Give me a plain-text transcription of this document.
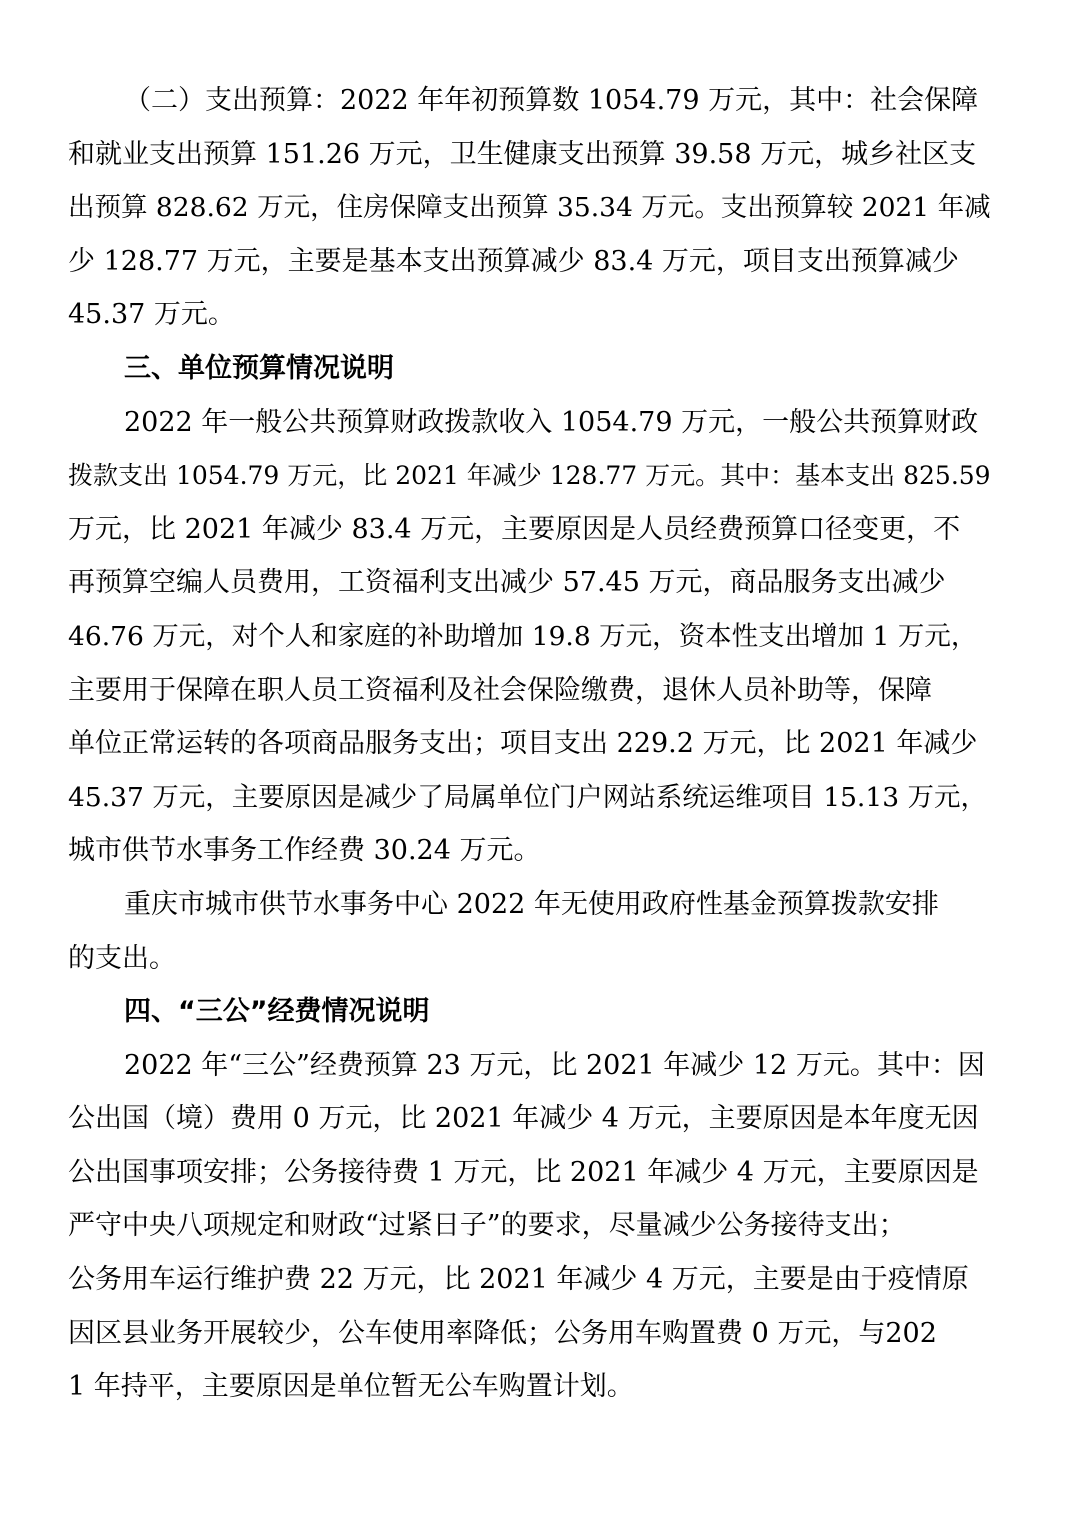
（二）支出预算：2022 年年初预算数 1054.79 万元，其中：社会保障
和就业支出预算 151.26 万元，卫生健康支出预算 39.58 万元，城乡社区支
出预算 828.62 万元，住房保障支出预算 35.34 万元。支出预算较 2021 年减
少 128.77 万元，主要是基本支出预算减少 83.4 万元，项目支出预算减少
45.37 万元。
三、单位预算情况说明
2022 年一般公共预算财政拨款收入 1054.79 万元，一般公共预算财政
拨款支出 1054.79 万元，比 2021 年减少 128.77 万元。其中：基本支出 825.59
万元，比 2021 年减少 83.4 万元，主要原因是人员经费预算口径变更，不
再预算空编人员费用，工资福利支出减少 57.45 万元，商品服务支出减少
46.76 万元，对个人和家庭的补助增加 19.8 万元，资本性支出增加 1 万元，
主要用于保障在职人员工资福利及社会保险缴费，退休人员补助等，保障
单位正常运转的各项商品服务支出；项目支出 229.2 万元，比 2021 年减少
45.37 万元，主要原因是减少了局属单位门户网站系统运维项目 15.13 万元，
城市供节水事务工作经费 30.24 万元。
重庆市城市供节水事务中心 2022 年无使用政府性基金预算拨款安排
的支出。
四、“三公”经费情况说明
2022 年“三公”经费预算 23 万元，比 2021 年减少 12 万元。其中：因
公出国（境）费用 0 万元，比 2021 年减少 4 万元，主要原因是本年度无因
公出国事项安排；公务接待费 1 万元，比 2021 年减少 4 万元，主要原因是
严守中央八项规定和财政“过紧日子”的要求，尽量减少公务接待支出；
公务用车运行维护费 22 万元，比 2021 年减少 4 万元，主要是由于疫情原
因区县业务开展较少，公车使用率降低；公务用车购置费 0 万元，与202
1 年持平，主要原因是单位暂无公车购置计划。
